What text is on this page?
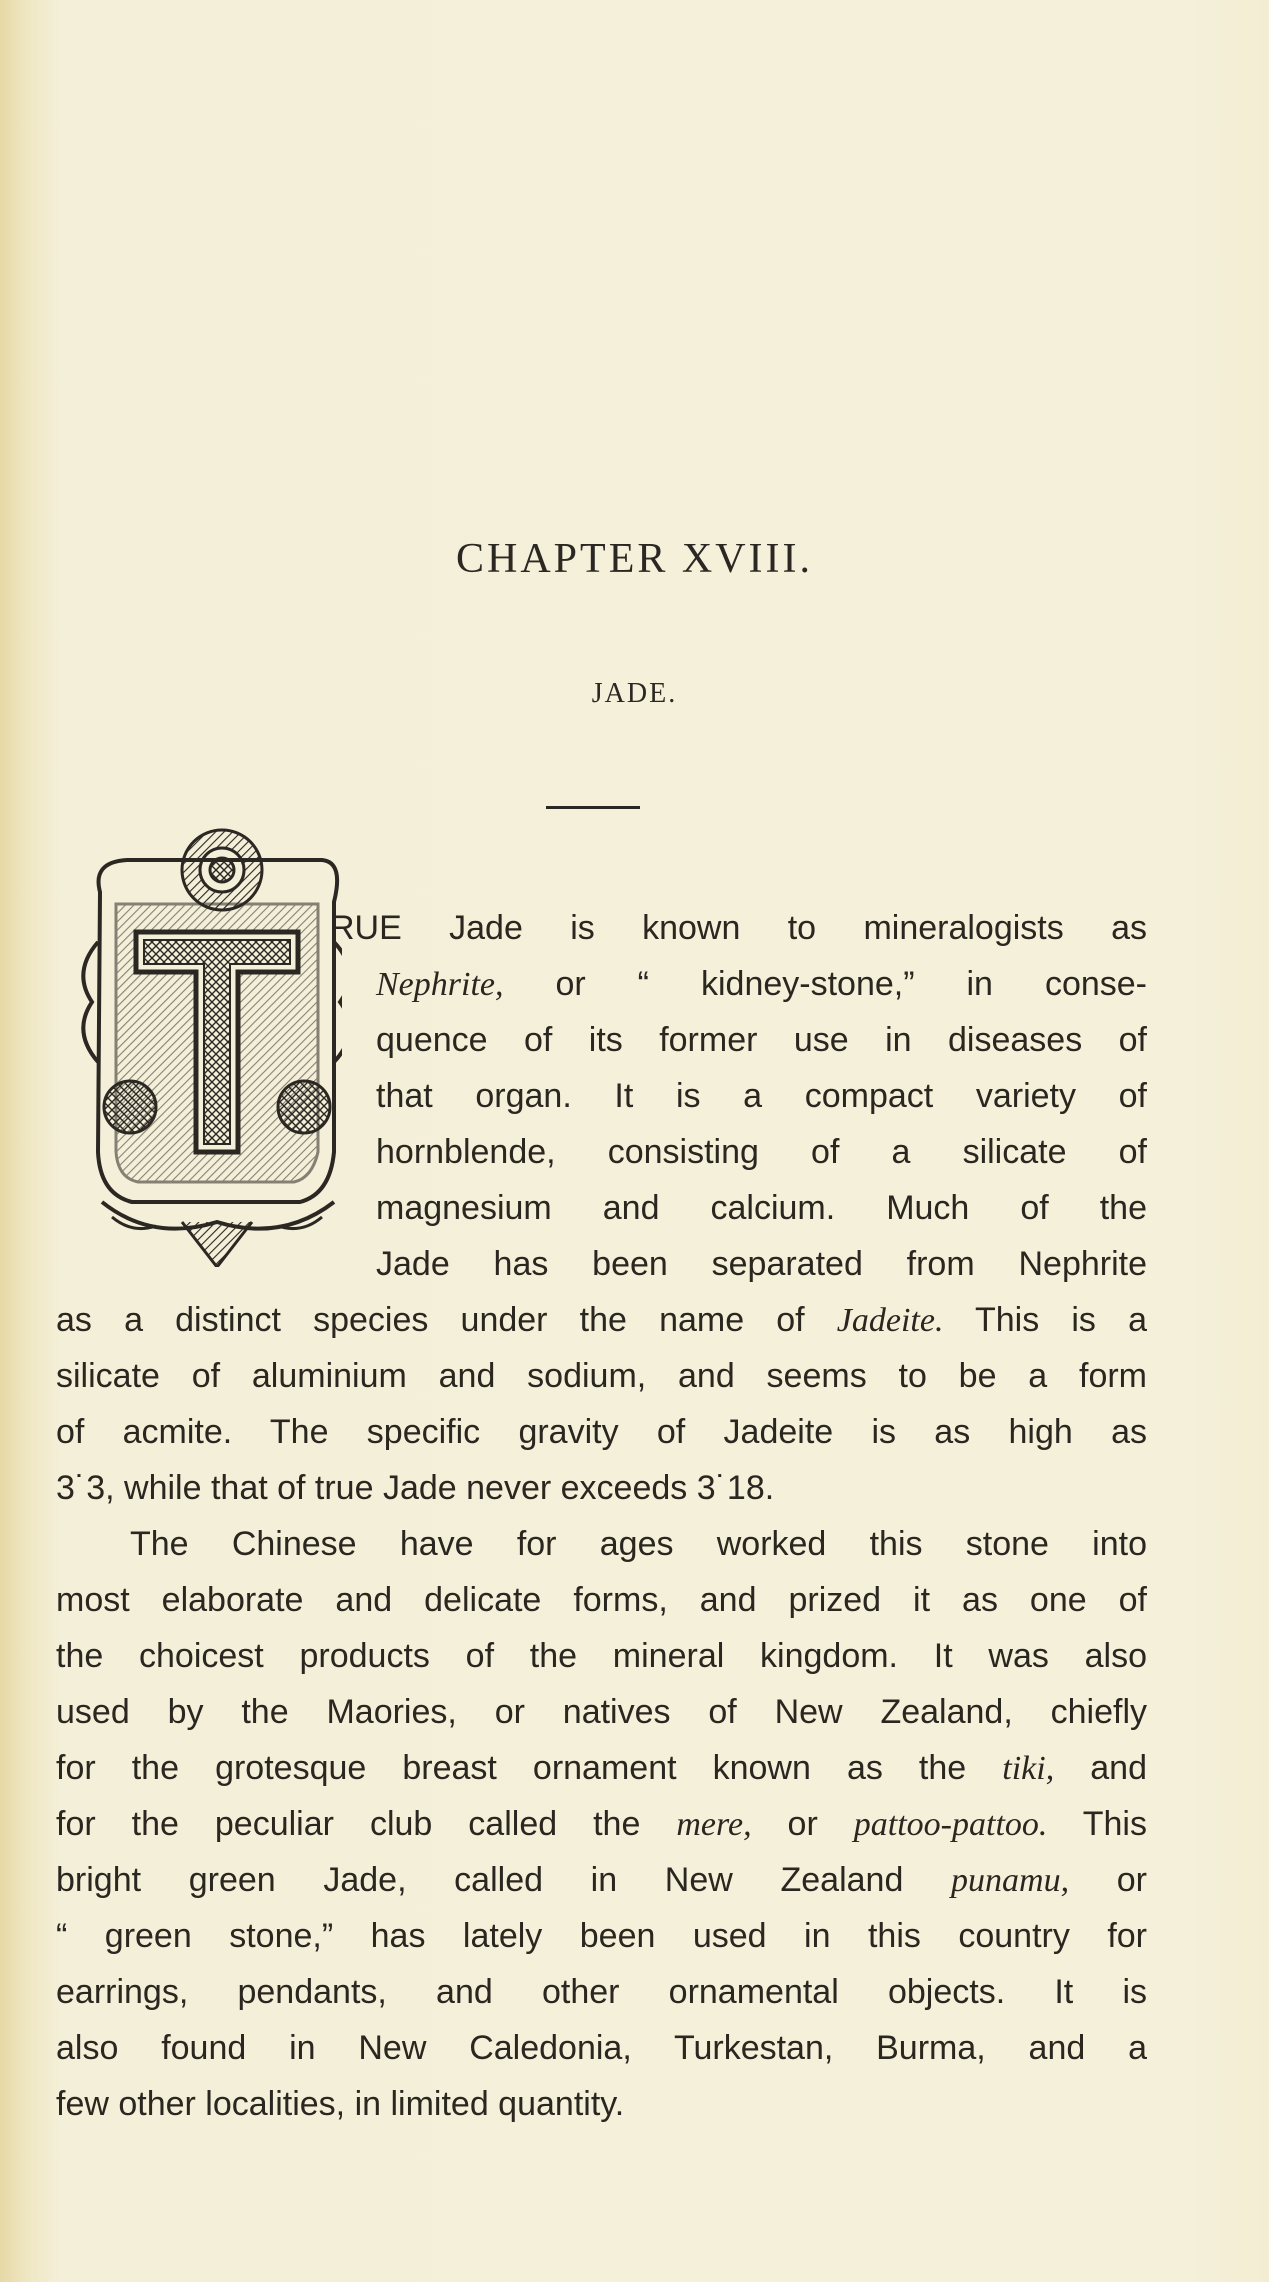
CHAPTER XVIII.
JADE.
RUE Jade is known to mineralogists as
Nephrite, or “ kidney-stone,” in conse-
quence of its former use in diseases of
that organ. It is a compact variety of
hornblende, consisting of a silicate of
magnesium and calcium. Much of the
Jade has been separated from Nephrite
as a distinct species under the name of Jadeite. This is a
silicate of aluminium and sodium, and seems to be a form
of acmite. The specific gravity of Jadeite is as high as
3˙3, while that of true Jade never exceeds 3˙18.
The Chinese have for ages worked this stone into
most elaborate and delicate forms, and prized it as one of
the choicest products of the mineral kingdom. It was also
used by the Maories, or natives of New Zealand, chiefly
for the grotesque breast ornament known as the tiki, and
for the peculiar club called the mere, or pattoo-pattoo. This
bright green Jade, called in New Zealand punamu, or
“ green stone,” has lately been used in this country for
earrings, pendants, and other ornamental objects. It is
also found in New Caledonia, Turkestan, Burma, and a
few other localities, in limited quantity.
